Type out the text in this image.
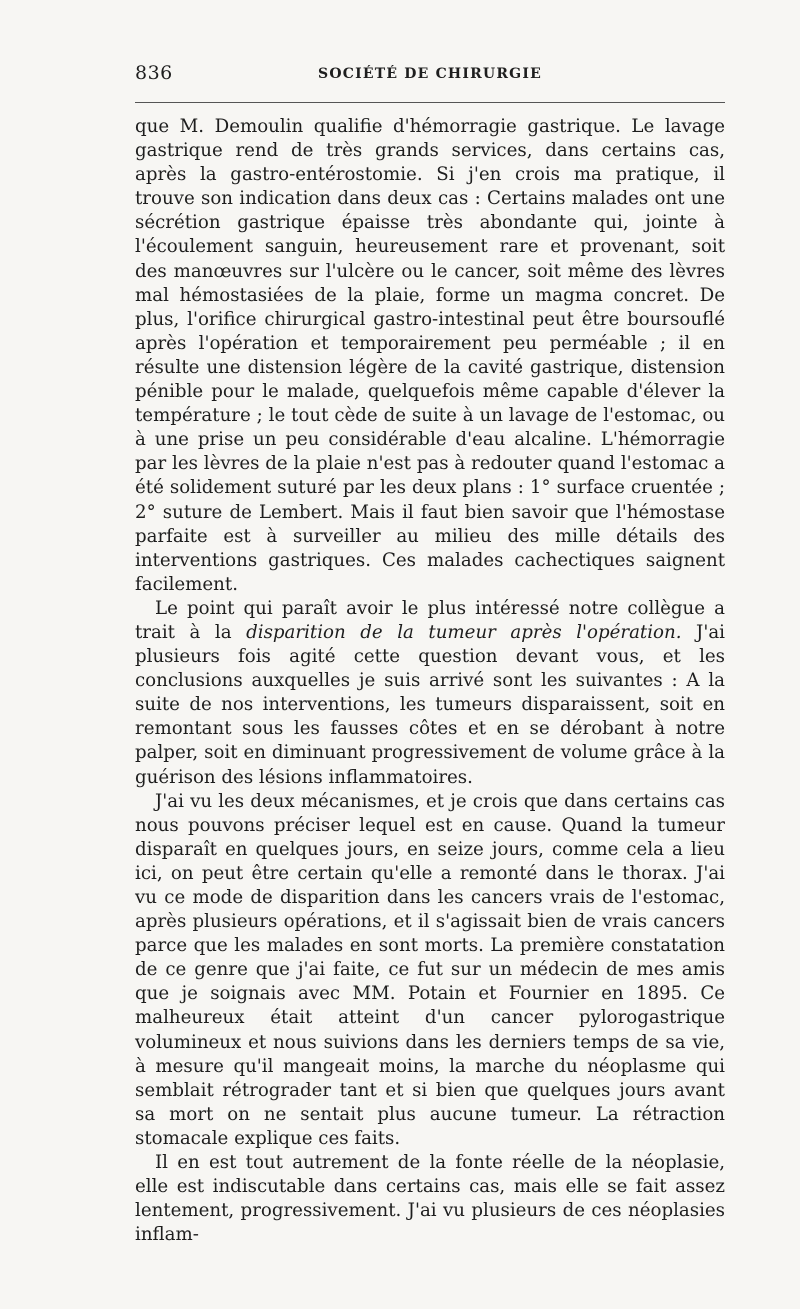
836	SOCIÉTÉ DE CHIRURGIE

que M. Demoulin qualifie d'hémorragie gastrique. Le lavage gastrique rend de très grands services, dans certains cas, après la gastro-entérostomie. Si j'en crois ma pratique, il trouve son indication dans deux cas : Certains malades ont une sécrétion gastrique épaisse très abondante qui, jointe à l'écoulement sanguin, heureusement rare et provenant, soit des manœuvres sur l'ulcère ou le cancer, soit même des lèvres mal hémostasiées de la plaie, forme un magma concret. De plus, l'orifice chirurgical gastro-intestinal peut être boursouflé après l'opération et temporairement peu perméable ; il en résulte une distension légère de la cavité gastrique, distension pénible pour le malade, quelquefois même capable d'élever la température ; le tout cède de suite à un lavage de l'estomac, ou à une prise un peu considérable d'eau alcaline. L'hémorragie par les lèvres de la plaie n'est pas à redouter quand l'estomac a été solidement suturé par les deux plans : 1° surface cruentée ; 2° suture de Lembert. Mais il faut bien savoir que l'hémostase parfaite est à surveiller au milieu des mille détails des interventions gastriques. Ces malades cachectiques saignent facilement.

Le point qui paraît avoir le plus intéressé notre collègue a trait à la disparition de la tumeur après l'opération. J'ai plusieurs fois agité cette question devant vous, et les conclusions auxquelles je suis arrivé sont les suivantes : A la suite de nos interventions, les tumeurs disparaissent, soit en remontant sous les fausses côtes et en se dérobant à notre palper, soit en diminuant progressivement de volume grâce à la guérison des lésions inflammatoires.

J'ai vu les deux mécanismes, et je crois que dans certains cas nous pouvons préciser lequel est en cause. Quand la tumeur disparaît en quelques jours, en seize jours, comme cela a lieu ici, on peut être certain qu'elle a remonté dans le thorax. J'ai vu ce mode de disparition dans les cancers vrais de l'estomac, après plusieurs opérations, et il s'agissait bien de vrais cancers parce que les malades en sont morts. La première constatation de ce genre que j'ai faite, ce fut sur un médecin de mes amis que je soignais avec MM. Potain et Fournier en 1895. Ce malheureux était atteint d'un cancer pylorogastrique volumineux et nous suivions dans les derniers temps de sa vie, à mesure qu'il mangeait moins, la marche du néoplasme qui semblait rétrograder tant et si bien que quelques jours avant sa mort on ne sentait plus aucune tumeur. La rétraction stomacale explique ces faits.

Il en est tout autrement de la fonte réelle de la néoplasie, elle est indiscutable dans certains cas, mais elle se fait assez lentement, progressivement. J'ai vu plusieurs de ces néoplasies inflam-
